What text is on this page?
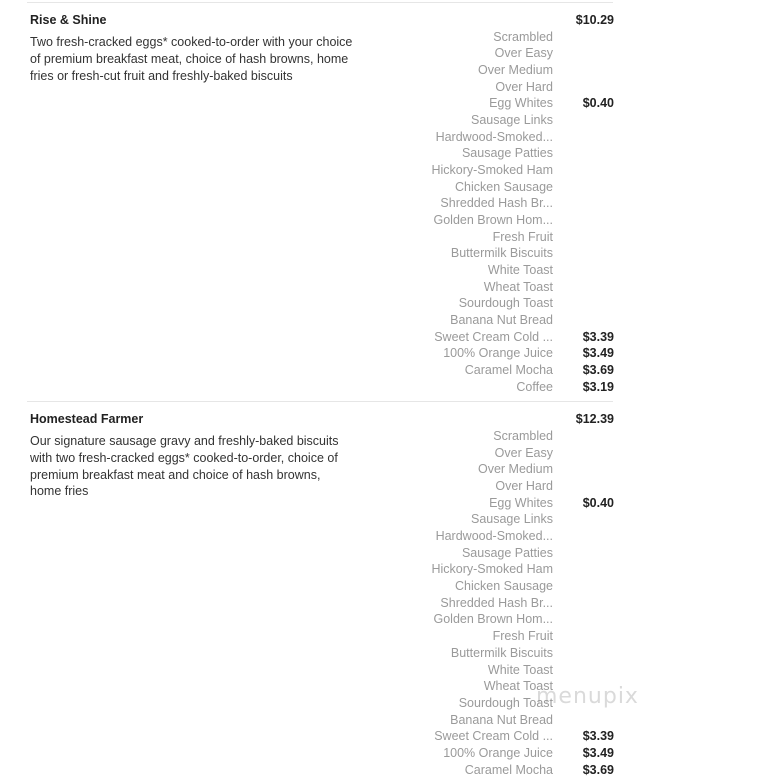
Rise & Shine	$10.29
Two fresh-cracked eggs* cooked-to-order with your choice of premium breakfast meat, choice of hash browns, home fries or fresh-cut fruit and freshly-baked biscuits
Scrambled
Over Easy
Over Medium
Over Hard
Egg Whites	$0.40
Sausage Links
Hardwood-Smoked...
Sausage Patties
Hickory-Smoked Ham
Chicken Sausage
Shredded Hash Br...
Golden Brown Hom...
Fresh Fruit
Buttermilk Biscuits
White Toast
Wheat Toast
Sourdough Toast
Banana Nut Bread
Sweet Cream Cold ...	$3.39
100% Orange Juice	$3.49
Caramel Mocha	$3.69
Coffee	$3.19
Homestead Farmer	$12.39
Our signature sausage gravy and freshly-baked biscuits with two fresh-cracked eggs* cooked-to-order, choice of premium breakfast meat and choice of hash browns, home fries
Scrambled
Over Easy
Over Medium
Over Hard
Egg Whites	$0.40
Sausage Links
Hardwood-Smoked...
Sausage Patties
Hickory-Smoked Ham
Chicken Sausage
Shredded Hash Br...
Golden Brown Hom...
Fresh Fruit
Buttermilk Biscuits
White Toast
Wheat Toast
Sourdough Toast
Banana Nut Bread
Sweet Cream Cold ...	$3.39
100% Orange Juice	$3.49
Caramel Mocha	$3.69
menupix
